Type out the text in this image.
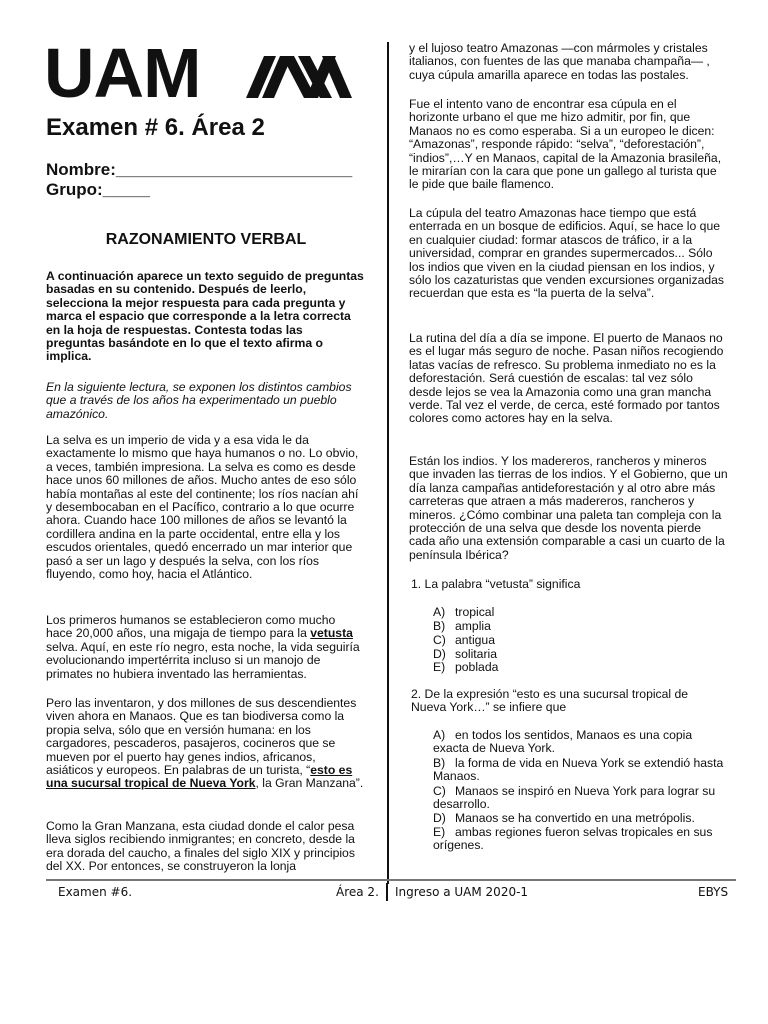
UAM
Examen # 6. Área 2
Nombre:_________________________
Grupo:_____
RAZONAMIENTO VERBAL
A continuación aparece un texto seguido de preguntas basadas en su contenido. Después de leerlo, selecciona la mejor respuesta para cada pregunta y marca el espacio que corresponde a la letra correcta en la hoja de respuestas. Contesta todas las preguntas basándote en lo que el texto afirma o implica.
En la siguiente lectura, se exponen los distintos cambios que a través de los años ha experimentado un pueblo amazónico.
La selva es un imperio de vida y a esa vida le da exactamente lo mismo que haya humanos o no. Lo obvio, a veces, también impresiona. La selva es como es desde hace unos 60 millones de años. Mucho antes de eso sólo había montañas al este del continente; los ríos nacían ahí y desembocaban en el Pacífico, contrario a lo que ocurre ahora. Cuando hace 100 millones de años se levantó la cordillera andina en la parte occidental, entre ella y los escudos orientales, quedó encerrado un mar interior que pasó a ser un lago y después la selva, con los ríos fluyendo, como hoy, hacia el Atlántico.
Los primeros humanos se establecieron como mucho hace 20,000 años, una migaja de tiempo para la vetusta selva. Aquí, en este río negro, esta noche, la vida seguiría evolucionando impertérrita incluso si un manojo de primates no hubiera inventado las herramientas.
Pero las inventaron, y dos millones de sus descendientes viven ahora en Manaos. Que es tan biodiversa como la propia selva, sólo que en versión humana: en los cargadores, pescaderos, pasajeros, cocineros que se mueven por el puerto hay genes indios, africanos, asiáticos y europeos. En palabras de un turista, “esto es una sucursal tropical de Nueva York, la Gran Manzana”.
Como la Gran Manzana, esta ciudad donde el calor pesa lleva siglos recibiendo inmigrantes; en concreto, desde la era dorada del caucho, a finales del siglo XIX y principios del XX. Por entonces, se construyeron la lonja
y el lujoso teatro Amazonas —con mármoles y cristales italianos, con fuentes de las que manaba champaña— , cuya cúpula amarilla aparece en todas las postales.
Fue el intento vano de encontrar esa cúpula en el horizonte urbano el que me hizo admitir, por fin, que Manaos no es como esperaba. Si a un europeo le dicen: “Amazonas”, responde rápido: “selva”, “deforestación”, “indios”,…Y en Manaos, capital de la Amazonia brasileña, le mirarían con la cara que pone un gallego al turista que le pide que baile flamenco.
La cúpula del teatro Amazonas hace tiempo que está enterrada en un bosque de edificios. Aquí, se hace lo que en cualquier ciudad: formar atascos de tráfico, ir a la universidad, comprar en grandes supermercados... Sólo los indios que viven en la ciudad piensan en los indios, y sólo los cazaturistas que venden excursiones organizadas recuerdan que esta es “la puerta de la selva”.
La rutina del día a día se impone. El puerto de Manaos no es el lugar más seguro de noche. Pasan niños recogiendo latas vacías de refresco. Su problema inmediato no es la deforestación. Será cuestión de escalas: tal vez sólo desde lejos se vea la Amazonia como una gran mancha verde. Tal vez el verde, de cerca, esté formado por tantos colores como actores hay en la selva.
Están los indios. Y los madereros, rancheros y mineros que invaden las tierras de los indios. Y el Gobierno, que un día lanza campañas antideforestación y al otro abre más carreteras que atraen a más madereros, rancheros y mineros. ¿Cómo combinar una paleta tan compleja con la protección de una selva que desde los noventa pierde cada año una extensión comparable a casi un cuarto de la península Ibérica?
1. La palabra “vetusta” significa
A) tropical
B) amplia
C) antigua
D) solitaria
E) poblada
2. De la expresión “esto es una sucursal tropical de Nueva York…” se infiere que
A) en todos los sentidos, Manaos es una copia exacta de Nueva York.
B) la forma de vida en Nueva York se extendió hasta Manaos.
C) Manaos se inspiró en Nueva York para lograr su desarrollo.
D) Manaos se ha convertido en una metrópolis.
E) ambas regiones fueron selvas tropicales en sus orígenes.
Examen #6.	Área 2. Ingreso a UAM 2020-1	EBYS
